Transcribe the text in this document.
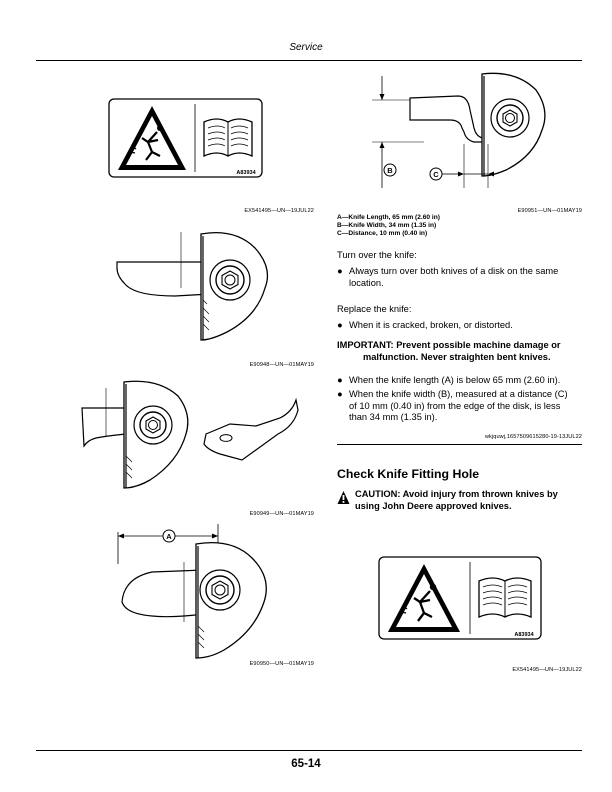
Service
A83934
EX541495—UN—19JUL22
E90948—UN—01MAY19
E90949—UN—01MAY19
A
E90950—UN—01MAY19
B	C
E90951—UN—01MAY19
A—Knife Length, 65 mm (2.60 in)
B—Knife Width, 34 mm (1.35 in)
C—Distance, 10 mm (0.40 in)
Turn over the knife:
● Always turn over both knives of a disk on the same
location.
Replace the knife:
● When it is cracked, broken, or distorted.
IMPORTANT: Prevent possible machine damage or
malfunction. Never straighten bent knives.
● When the knife length (A) is below 65 mm (2.60 in).
● When the knife width (B), measured at a distance (C)
of 10 mm (0.40 in) from the edge of the disk, is less
than 34 mm (1.35 in).
wkjquwj,1657509615280-19-13JUL22
Check Knife Fitting Hole
CAUTION: Avoid injury from thrown knives by
using John Deere approved knives.
A83934
EX541495—UN—19JUL22
65-14
